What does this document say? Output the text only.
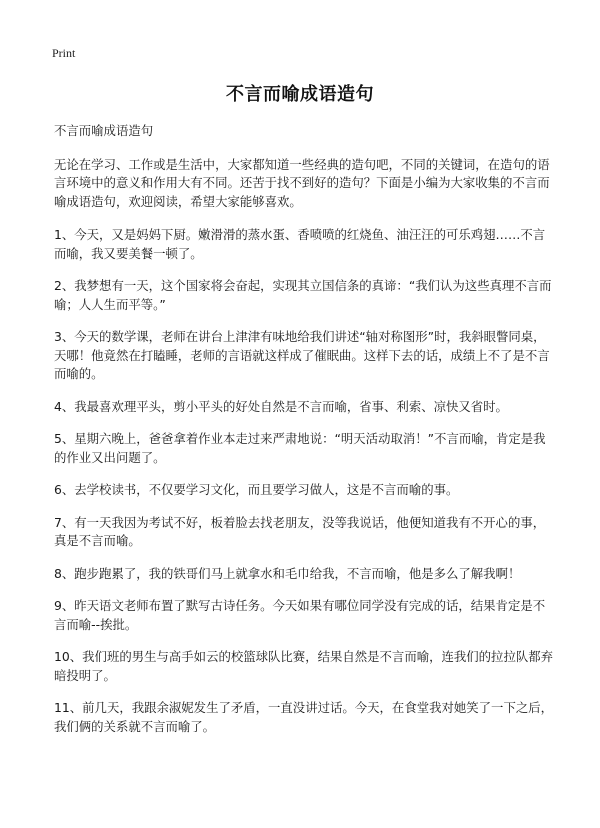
Print
不言而喻成语造句

不言而喻成语造句

无论在学习、工作或是生活中，大家都知道一些经典的造句吧，不同的关键词，在造句的语言环境中的意义和作用大有不同。还苦于找不到好的造句？下面是小编为大家收集的不言而喻成语造句，欢迎阅读，希望大家能够喜欢。

1、今天，又是妈妈下厨。嫩滑滑的蒸水蛋、香喷喷的红烧鱼、油汪汪的可乐鸡翅……不言而喻，我又要美餐一顿了。

2、我梦想有一天，这个国家将会奋起，实现其立国信条的真谛：“我们认为这些真理不言而喻；人人生而平等。”

3、今天的数学课，老师在讲台上津津有味地给我们讲述“轴对称图形”时，我斜眼瞥同桌，天哪！他竟然在打瞌睡，老师的言语就这样成了催眠曲。这样下去的话，成绩上不了是不言而喻的。

4、我最喜欢理平头，剪小平头的好处自然是不言而喻，省事、利索、凉快又省时。

5、星期六晚上，爸爸拿着作业本走过来严肃地说：“明天活动取消！”不言而喻，肯定是我的作业又出问题了。

6、去学校读书，不仅要学习文化，而且要学习做人，这是不言而喻的事。

7、有一天我因为考试不好，板着脸去找老朋友，没等我说话，他便知道我有不开心的事，真是不言而喻。

8、跑步跑累了，我的铁哥们马上就拿水和毛巾给我，不言而喻，他是多么了解我啊！

9、昨天语文老师布置了默写古诗任务。今天如果有哪位同学没有完成的话，结果肯定是不言而喻--挨批。

10、我们班的男生与高手如云的校篮球队比赛，结果自然是不言而喻，连我们的拉拉队都弃暗投明了。

11、前几天，我跟余淑妮发生了矛盾，一直没讲过话。今天，在食堂我对她笑了一下之后，我们俩的关系就不言而喻了。
